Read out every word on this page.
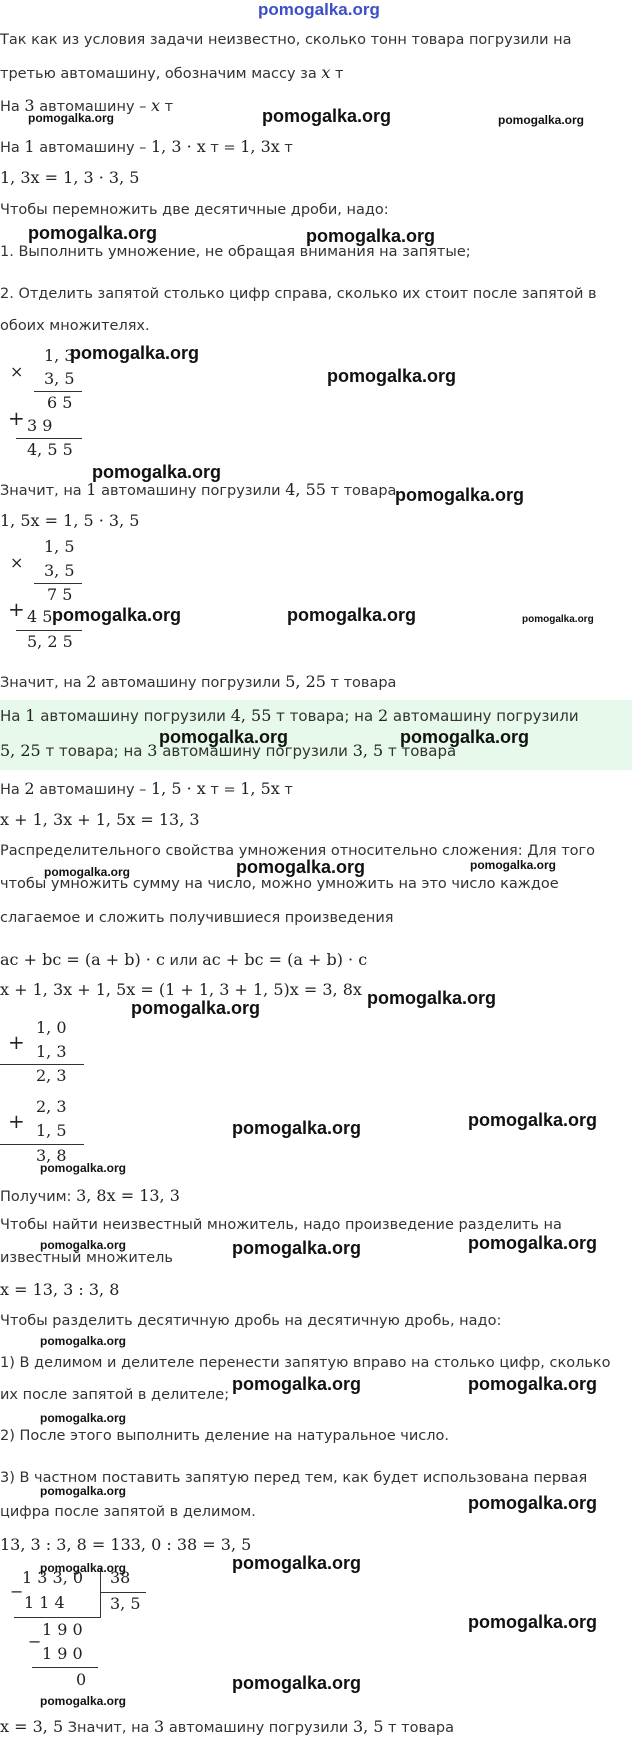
pomogalka.org
Так как из условия задачи неизвестно, сколько тонн товара погрузили на
третью автомашину, обозначим массу за x т
На 3 автомашину – x т
На 1 автомашину – 1, 3 · x т = 1, 3x т
1, 3x = 1, 3 · 3, 5
Чтобы перемножить две десятичные дроби, надо:
1. Выполнить умножение, не обращая внимания на запятые;
2. Отделить запятой столько цифр справа, сколько их стоит после запятой в
обоих множителях.
×
1, 3
3, 5
6 5
+ 3 9
4, 5 5
Значит, на 1 автомашину погрузили 4, 55 т товара
1, 5x = 1, 5 · 3, 5
×
1, 5
3, 5
7 5
+ 4 5
5, 2 5
Значит, на 2 автомашину погрузили 5, 25 т товара
На 1 автомашину погрузили 4, 55 т товара; на 2 автомашину погрузили
5, 25 т товара; на 3 автомашину погрузили 3, 5 т товара
На 2 автомашину – 1, 5 · x т = 1, 5x т
x + 1, 3x + 1, 5x = 13, 3
Распределительного свойства умножения относительно сложения: Для того
чтобы умножить сумму на число, можно умножить на это число каждое
слагаемое и сложить получившиеся произведения
ac + bc = (a + b) · c или ac + bc = (a + b) · c
x + 1, 3x + 1, 5x = (1 + 1, 3 + 1, 5)x = 3, 8x
+
1, 0
1, 3
2, 3
+
2, 3
1, 5
3, 8
Получим: 3, 8x = 13, 3
Чтобы найти неизвестный множитель, надо произведение разделить на
известный множитель
x = 13, 3 : 3, 8
Чтобы разделить десятичную дробь на десятичную дробь, надо:
1) В делимом и делителе перенести запятую вправо на столько цифр, сколько
их после запятой в делителе;
2) После этого выполнить деление на натуральное число.
3) В частном поставить запятую перед тем, как будет использована первая
цифра после запятой в делимом.
13, 3 : 3, 8 = 133, 0 : 38 = 3, 5
1 3 3, 0 38
−
1 1 4	3, 5
−
1 9 0
1 9 0
0
x = 3, 5 Значит, на 3 автомашину погрузили 3, 5 т товара
pomogalka.org
pomogalka.org	pomogalka.org
pomogalka.org	pomogalka.org
pomogalka.org
pomogalka.org
pomogalka.org
pomogalka.org
pomogalka.org	pomogalka.org	pomogalka.org
pomogalka.org	pomogalka.org
pomogalka.org	pomogalka.org
pomogalka.org
pomogalka.org	pomogalka.org
pomogalka.org	pomogalka.org
pomogalka.org
pomogalka.org	pomogalka.org
pomogalka.org
pomogalka.org
pomogalka.org	pomogalka.org
pomogalka.org
pomogalka.org
pomogalka.org
pomogalka.org
pomogalka.org
pomogalka.org
pomogalka.org
pomogalka.org
